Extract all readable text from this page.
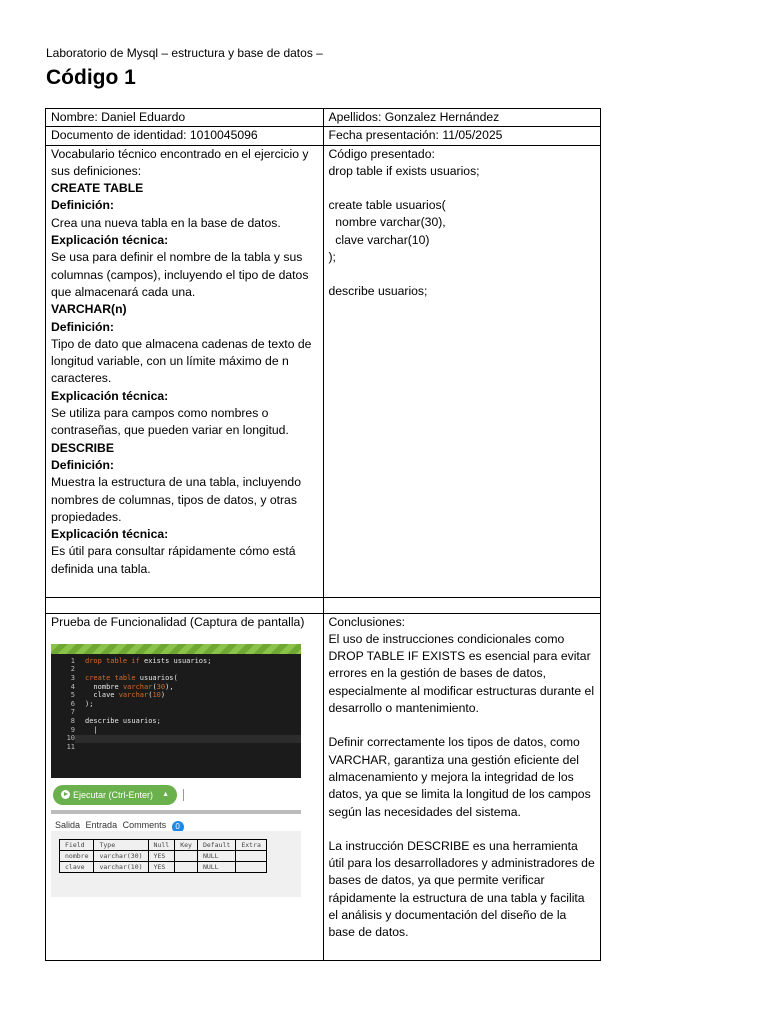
Laboratorio de Mysql – estructura y base de datos –
Código 1
Nombre: Daniel Eduardo	Apellidos: Gonzalez Hernández
Documento de identidad: 1010045096	Fecha presentación: 11/05/2025

Vocabulario técnico encontrado en el ejercicio y sus definiciones:
CREATE TABLE
Definición:
Crea una nueva tabla en la base de datos.
Explicación técnica:
Se usa para definir el nombre de la tabla y sus columnas (campos), incluyendo el tipo de datos que almacenará cada una.
VARCHAR(n)
Definición:
Tipo de dato que almacena cadenas de texto de longitud variable, con un límite máximo de n caracteres.
Explicación técnica:
Se utiliza para campos como nombres o contraseñas, que pueden variar en longitud.
DESCRIBE
Definición:
Muestra la estructura de una tabla, incluyendo nombres de columnas, tipos de datos, y otras propiedades.
Explicación técnica:
Es útil para consultar rápidamente cómo está definida una tabla.

Código presentado:
drop table if exists usuarios;
create table usuarios(
nombre varchar(30),
clave varchar(10)
);
describe usuarios;

Prueba de Funcionalidad (Captura de pantalla)
1
2
3
4
5
6
7
8
9
10
11
drop table if exists usuarios;

create table usuarios(
nombre varchar(30),
clave varchar(10)
);

describe usuarios;
|
Ejecutar (Ctrl-Enter) ▲
Salida Entrada Comments 0
Field	Type	Null	Key	Default	Extra
nombre	varchar(30)	YES		NULL	
clave	varchar(10)	YES		NULL	

Conclusiones:
El uso de instrucciones condicionales como DROP TABLE IF EXISTS es esencial para evitar errores en la gestión de bases de datos, especialmente al modificar estructuras durante el desarrollo o mantenimiento.
Definir correctamente los tipos de datos, como VARCHAR, garantiza una gestión eficiente del almacenamiento y mejora la integridad de los datos, ya que se limita la longitud de los campos según las necesidades del sistema.
La instrucción DESCRIBE es una herramienta útil para los desarrolladores y administradores de bases de datos, ya que permite verificar rápidamente la estructura de una tabla y facilita el análisis y documentación del diseño de la base de datos.
